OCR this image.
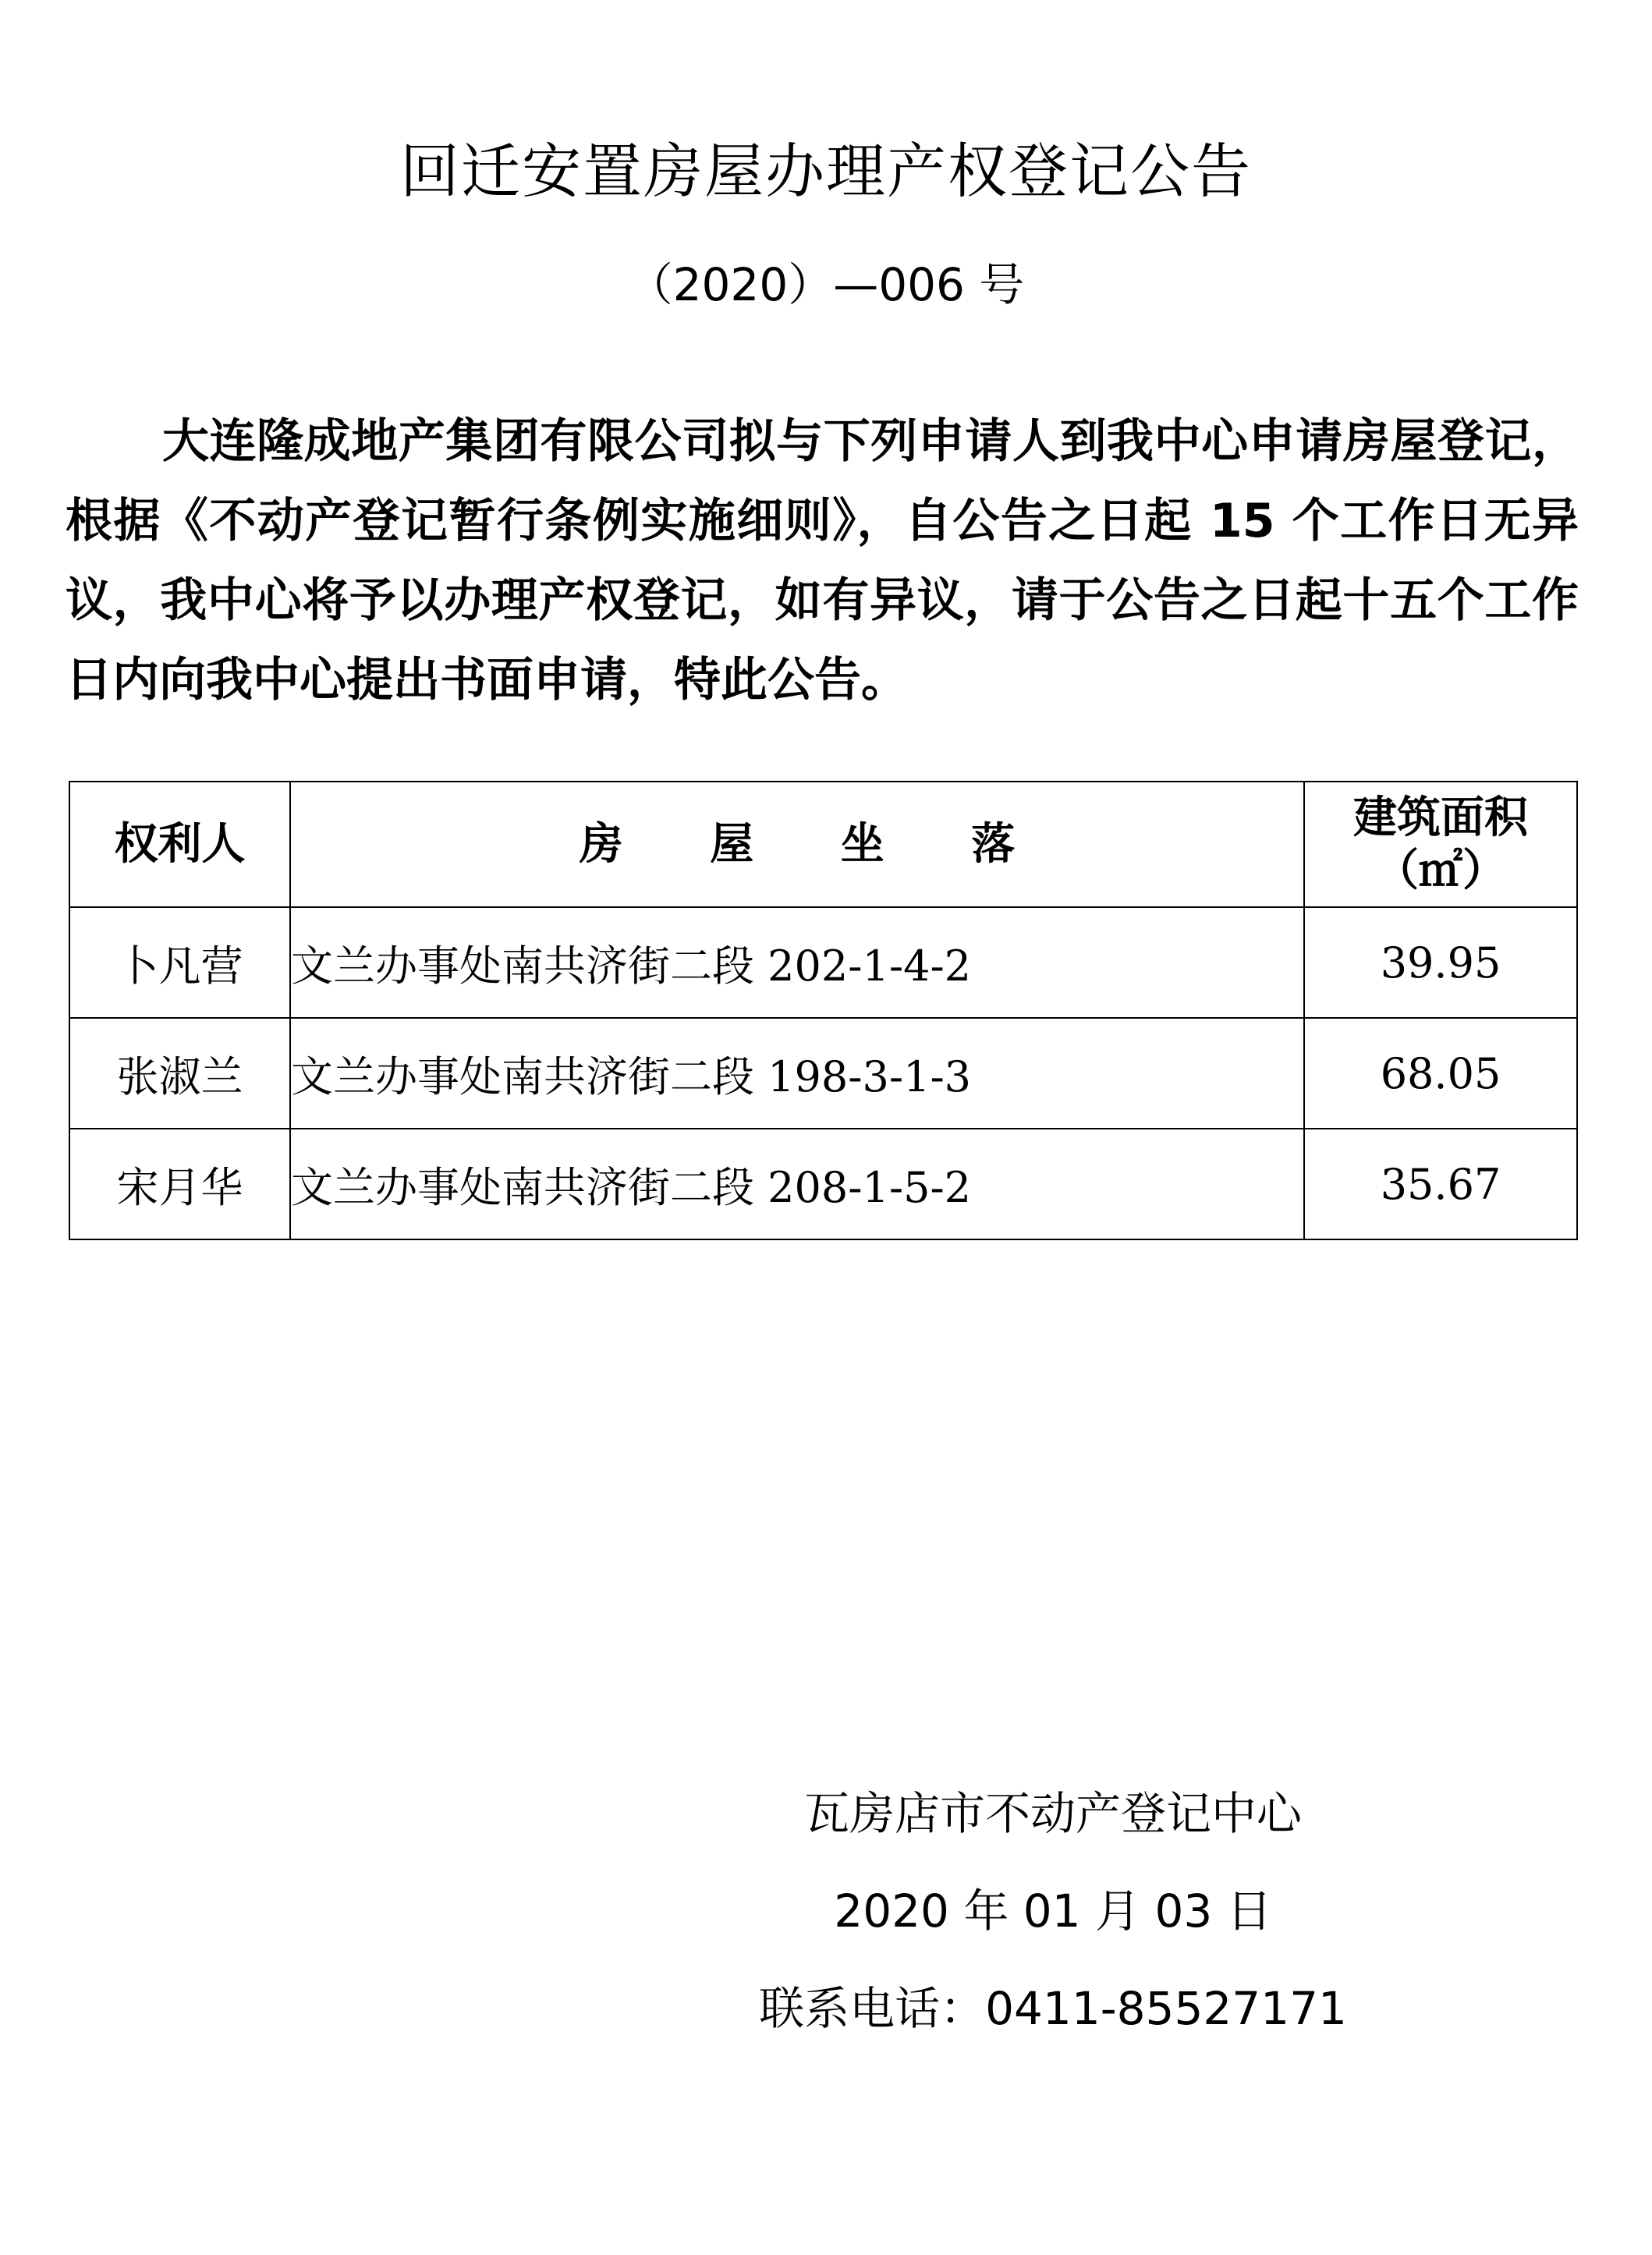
回迁安置房屋办理产权登记公告
（2020）—006 号

大连隆成地产集团有限公司拟与下列申请人到我中心申请房屋登记，根据《不动产登记暂行条例实施细则》，自公告之日起 15 个工作日无异议，我中心将予以办理产权登记，如有异议，请于公告之日起十五个工作日内向我中心提出书面申请，特此公告。

权利人	房 屋 坐 落	建筑面积
（㎡）

卜凡营	文兰办事处南共济街二段 202-1-4-2	39.95
张淑兰	文兰办事处南共济街二段 198-3-1-3	68.05
宋月华	文兰办事处南共济街二段 208-1-5-2	35.67
瓦房店市不动产登记中心
2020 年 01 月 03 日
联系电话：0411-85527171
